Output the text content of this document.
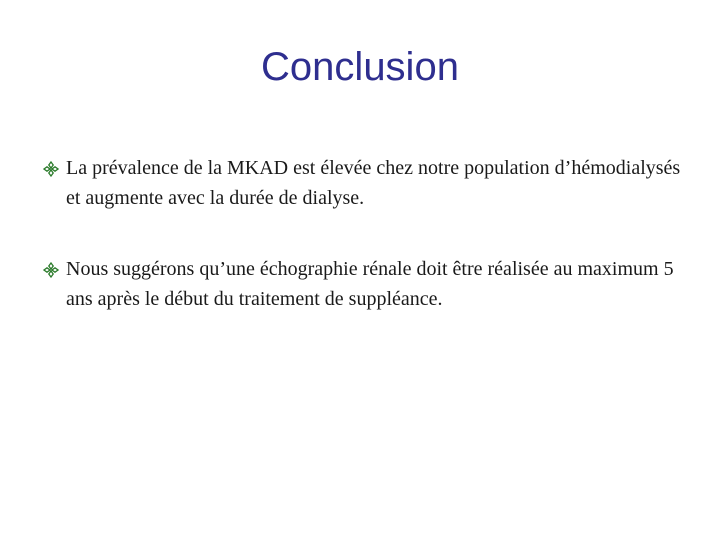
Conclusion
La prévalence de la MKAD est élevée chez notre population d’hémodialysés et augmente avec la durée de dialyse.
Nous suggérons qu’une échographie rénale doit être réalisée au maximum 5 ans après le début du traitement de suppléance.
